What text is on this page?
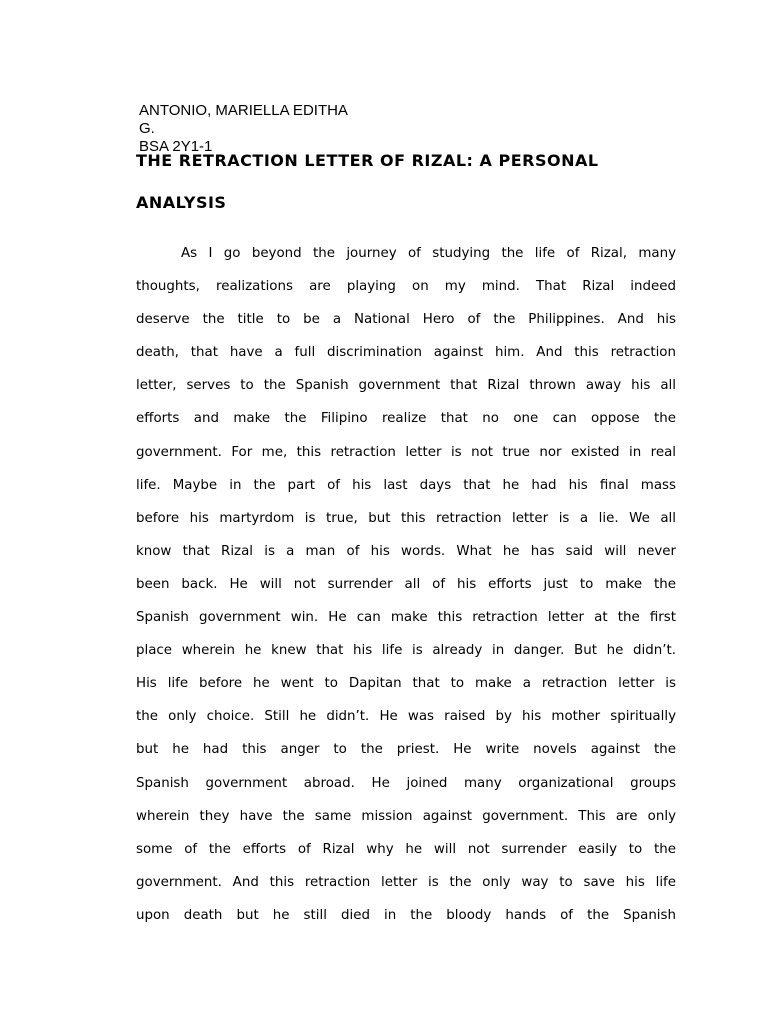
ANTONIO, MARIELLA EDITHA
G.
BSA 2Y1-1
THE RETRACTION LETTER OF RIZAL: A PERSONAL
ANALYSIS
As I go beyond the journey of studying the life of Rizal, many
thoughts, realizations are playing on my mind. That Rizal indeed
deserve the title to be a National Hero of the Philippines. And his
death, that have a full discrimination against him. And this retraction
letter, serves to the Spanish government that Rizal thrown away his all
efforts and make the Filipino realize that no one can oppose the
government. For me, this retraction letter is not true nor existed in real
life. Maybe in the part of his last days that he had his final mass
before his martyrdom is true, but this retraction letter is a lie. We all
know that Rizal is a man of his words. What he has said will never
been back. He will not surrender all of his efforts just to make the
Spanish government win. He can make this retraction letter at the first
place wherein he knew that his life is already in danger. But he didn’t.
His life before he went to Dapitan that to make a retraction letter is
the only choice. Still he didn’t. He was raised by his mother spiritually
but he had this anger to the priest. He write novels against the
Spanish government abroad. He joined many organizational groups
wherein they have the same mission against government. This are only
some of the efforts of Rizal why he will not surrender easily to the
government. And this retraction letter is the only way to save his life
upon death but he still died in the bloody hands of the Spanish
